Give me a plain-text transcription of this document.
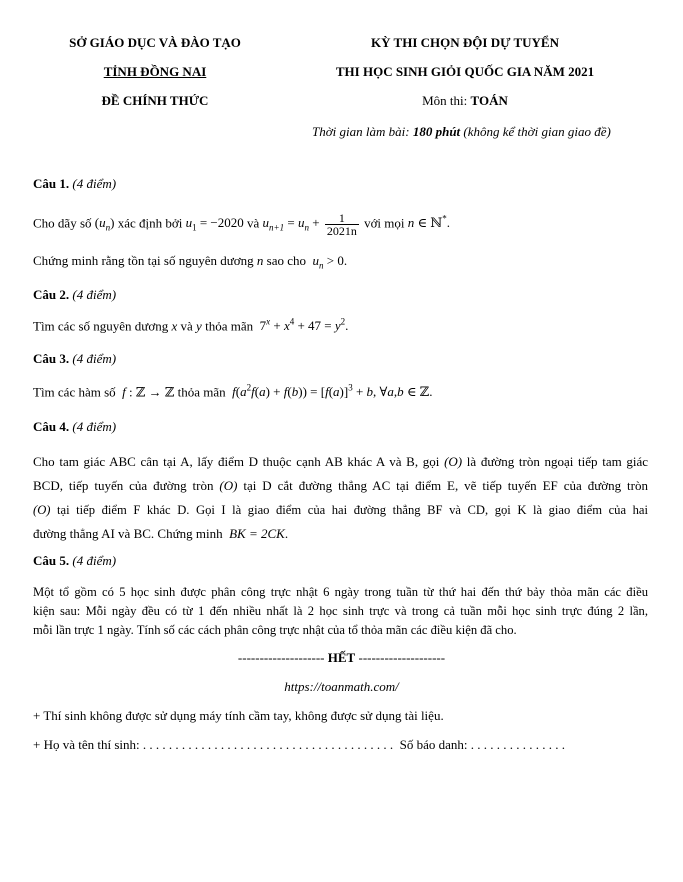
SỞ GIÁO DỤC VÀ ĐÀO TẠO
TỈNH ĐỒNG NAI
ĐỀ CHÍNH THỨC
KỲ THI CHỌN ĐỘI DỰ TUYỂN
THI HỌC SINH GIỎI QUỐC GIA NĂM 2021
Môn thi: TOÁN
Thời gian làm bài: 180 phút (không kể thời gian giao đề)
Câu 1. (4 điểm)
Cho dãy số $(u_n)$ xác định bởi $u_1 = -2020$ và $u_{n+1} = u_n + \frac{1}{2021n}$ với mọi n ∈ ℕ*.
Chứng minh rằng tồn tại số nguyên dương n sao cho $u_n > 0$.
Câu 2. (4 điểm)
Tìm các số nguyên dương x và y thỏa mãn  $7^x + x^4 + 47 = y^2$.
Câu 3. (4 điểm)
Tìm các hàm số f : ℤ → ℤ thỏa mãn $f(a^2f(a) + f(b)) = [f(a)]^3 + b$, ∀a,b ∈ ℤ.
Câu 4. (4 điểm)
Cho tam giác ABC cân tại A, lấy điểm D thuộc cạnh AB khác A và B, gọi (O) là đường tròn ngoại tiếp tam giác
BCD, tiếp tuyến của đường tròn (O) tại D cắt đường thẳng AC tại điểm E, vẽ tiếp tuyến EF của đường tròn
(O) tại tiếp điểm F khác D. Gọi I là giao điểm của hai đường thẳng BF và CD, gọi K là giao điểm của hai
đường thẳng AI và BC. Chứng minh BK = 2CK.
Câu 5. (4 điểm)
Một tổ gồm có 5 học sinh được phân công trực nhật 6 ngày trong tuần từ thứ hai đến thứ bảy thỏa mãn các điều
kiện sau: Mỗi ngày đều có từ 1 đến nhiều nhất là 2 học sinh trực và trong cả tuần mỗi học sinh trực đúng 2 lần,
mỗi lần trực 1 ngày. Tính số các cách phân công trực nhật của tổ thỏa mãn các điều kiện đã cho.
-------------------- HẾT --------------------
https://toanmath.com/
+ Thí sinh không được sử dụng máy tính cầm tay, không được sử dụng tài liệu.
+ Họ và tên thí sinh: . . . . . . . . . . . . . . . . . . . . . . . . . . . . . . . . . . . . . . . Số báo danh: . . . . . . . . . . . . . . .
